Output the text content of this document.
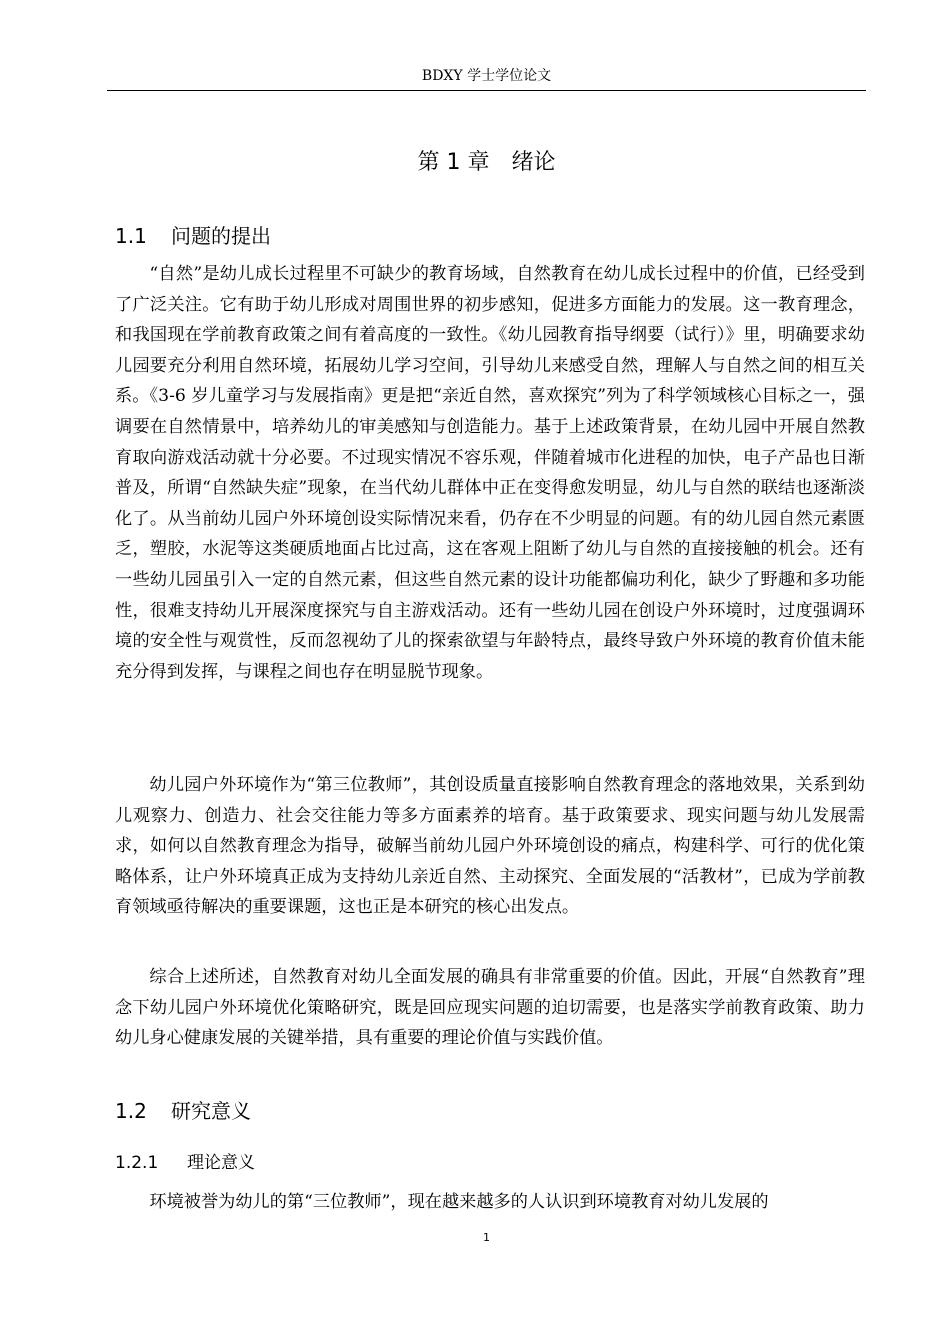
BDXY 学士学位论文
第 1 章 绪论
1.1 问题的提出

“自然”是幼儿成长过程里不可缺少的教育场域，自然教育在幼儿成长过程中的价值，已经受到了广泛关注。它有助于幼儿形成对周围世界的初步感知，促进多方面能力的发展。这一教育理念，和我国现在学前教育政策之间有着高度的一致性。《幼儿园教育指导纲要（试行）》里，明确要求幼儿园要充分利用自然环境，拓展幼儿学习空间，引导幼儿来感受自然，理解人与自然之间的相互关系。《3-6 岁儿童学习与发展指南》更是把“亲近自然，喜欢探究”列为了科学领域核心目标之一，强调要在自然情景中，培养幼儿的审美感知与创造能力。基于上述政策背景，在幼儿园中开展自然教育取向游戏活动就十分必要。不过现实情况不容乐观，伴随着城市化进程的加快，电子产品也日渐普及，所谓“自然缺失症”现象，在当代幼儿群体中正在变得愈发明显，幼儿与自然的联结也逐渐淡化了。从当前幼儿园户外环境创设实际情况来看，仍存在不少明显的问题。有的幼儿园自然元素匮乏，塑胶，水泥等这类硬质地面占比过高，这在客观上阻断了幼儿与自然的直接接触的机会。还有一些幼儿园虽引入一定的自然元素，但这些自然元素的设计功能都偏功利化，缺少了野趣和多功能性，很难支持幼儿开展深度探究与自主游戏活动。还有一些幼儿园在创设户外环境时，过度强调环境的安全性与观赏性，反而忽视幼了儿的探索欲望与年龄特点，最终导致户外环境的教育价值未能充分得到发挥，与课程之间也存在明显脱节现象。

幼儿园户外环境作为“第三位教师”，其创设质量直接影响自然教育理念的落地效果，关系到幼儿观察力、创造力、社会交往能力等多方面素养的培育。基于政策要求、现实问题与幼儿发展需求，如何以自然教育理念为指导，破解当前幼儿园户外环境创设的痛点，构建科学、可行的优化策略体系，让户外环境真正成为支持幼儿亲近自然、主动探究、全面发展的“活教材”，已成为学前教育领域亟待解决的重要课题，这也正是本研究的核心出发点。

综合上述所述，自然教育对幼儿全面发展的确具有非常重要的价值。因此，开展“自然教育”理念下幼儿园户外环境优化策略研究，既是回应现实问题的迫切需要，也是落实学前教育政策、助力幼儿身心健康发展的关键举措，具有重要的理论价值与实践价值。

1.2 研究意义
1.2.1 理论意义

环境被誉为幼儿的第“三位教师”，现在越来越多的人认识到环境教育对幼儿发展的

1
